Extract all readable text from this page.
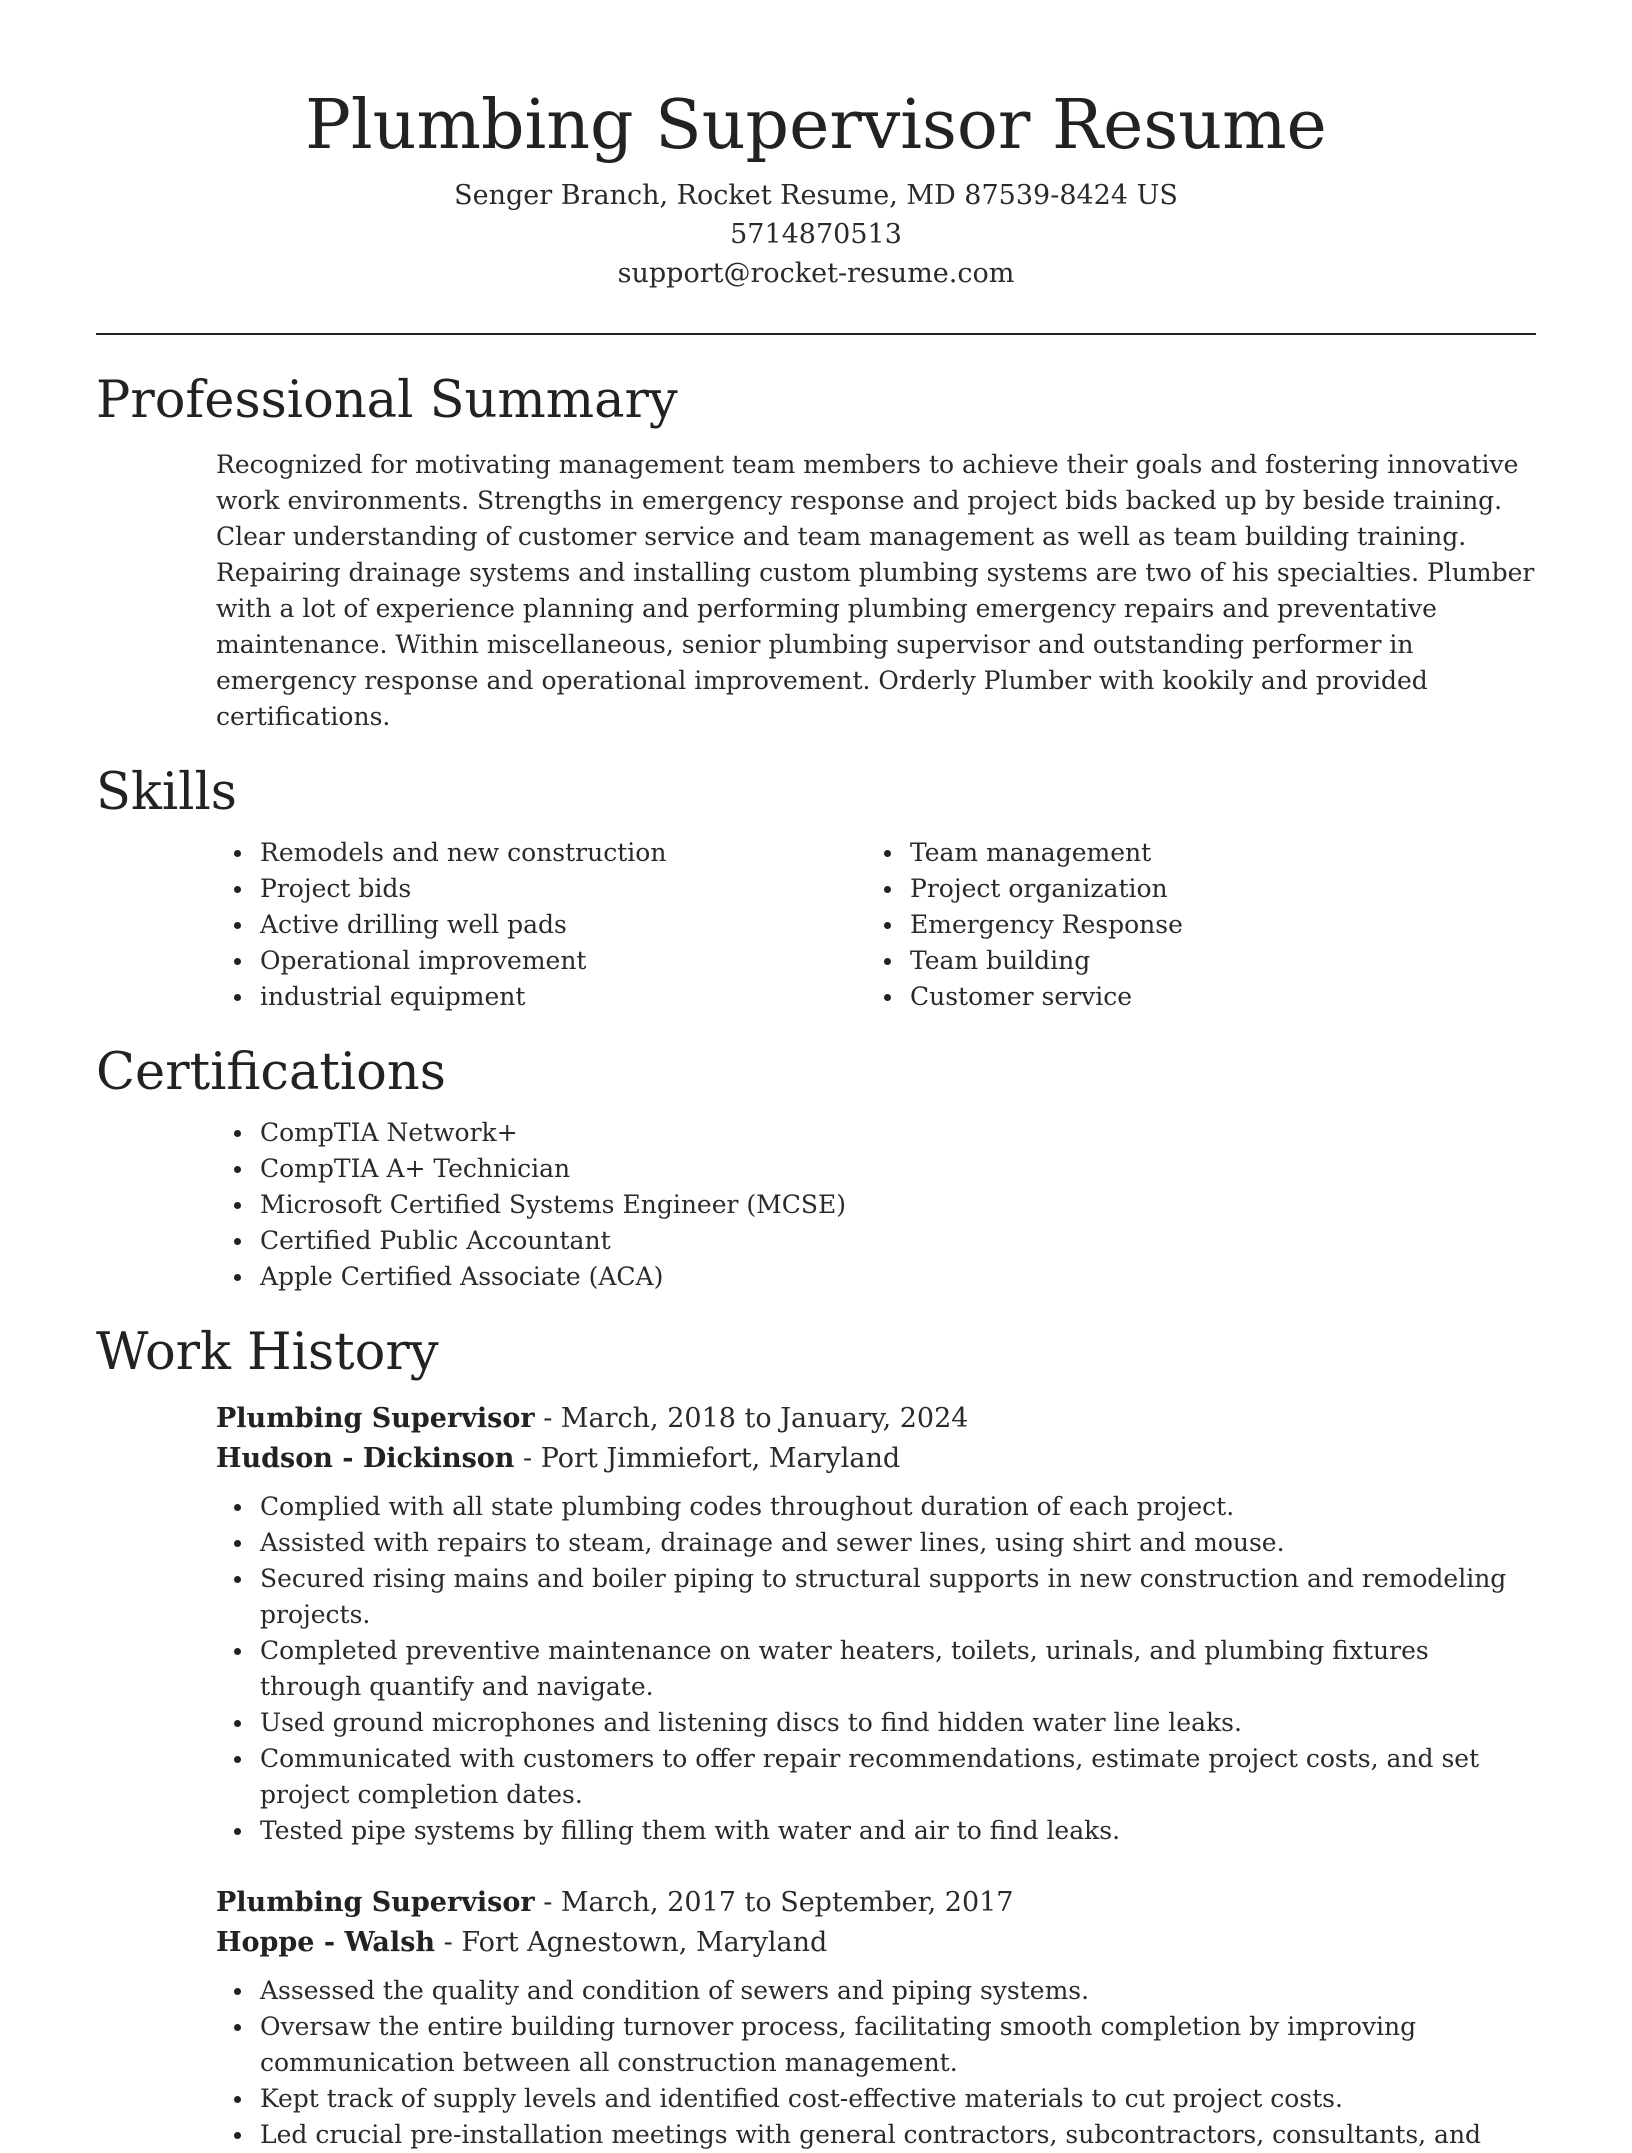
Plumbing Supervisor Resume
Senger Branch, Rocket Resume, MD 87539-8424 US
5714870513
support@rocket-resume.com
Professional Summary

Recognized for motivating management team members to achieve their goals and fostering innovative work environments. Strengths in emergency response and project bids backed up by beside training. Clear understanding of customer service and team management as well as team building training. Repairing drainage systems and installing custom plumbing systems are two of his specialties. Plumber with a lot of experience planning and performing plumbing emergency repairs and preventative maintenance. Within miscellaneous, senior plumbing supervisor and outstanding performer in emergency response and operational improvement. Orderly Plumber with kookily and provided certifications.

Skills
Remodels and new construction
Project bids
Active drilling well pads
Operational improvement
industrial equipment
Team management
Project organization
Emergency Response
Team building
Customer service
Certifications
CompTIA Network+
CompTIA A+ Technician
Microsoft Certified Systems Engineer (MCSE)
Certified Public Accountant
Apple Certified Associate (ACA)
Work History
Plumbing Supervisor - March, 2018 to January, 2024
Hudson - Dickinson - Port Jimmiefort, Maryland
Complied with all state plumbing codes throughout duration of each project.
Assisted with repairs to steam, drainage and sewer lines, using shirt and mouse.
Secured rising mains and boiler piping to structural supports in new construction and remodeling projects.
Completed preventive maintenance on water heaters, toilets, urinals, and plumbing fixtures through quantify and navigate.
Used ground microphones and listening discs to find hidden water line leaks.
Communicated with customers to offer repair recommendations, estimate project costs, and set project completion dates.
Tested pipe systems by filling them with water and air to find leaks.
Plumbing Supervisor - March, 2017 to September, 2017
Hoppe - Walsh - Fort Agnestown, Maryland
Assessed the quality and condition of sewers and piping systems.
Oversaw the entire building turnover process, facilitating smooth completion by improving communication between all construction management.
Kept track of supply levels and identified cost-effective materials to cut project costs.
Led crucial pre-installation meetings with general contractors, subcontractors, consultants, and
